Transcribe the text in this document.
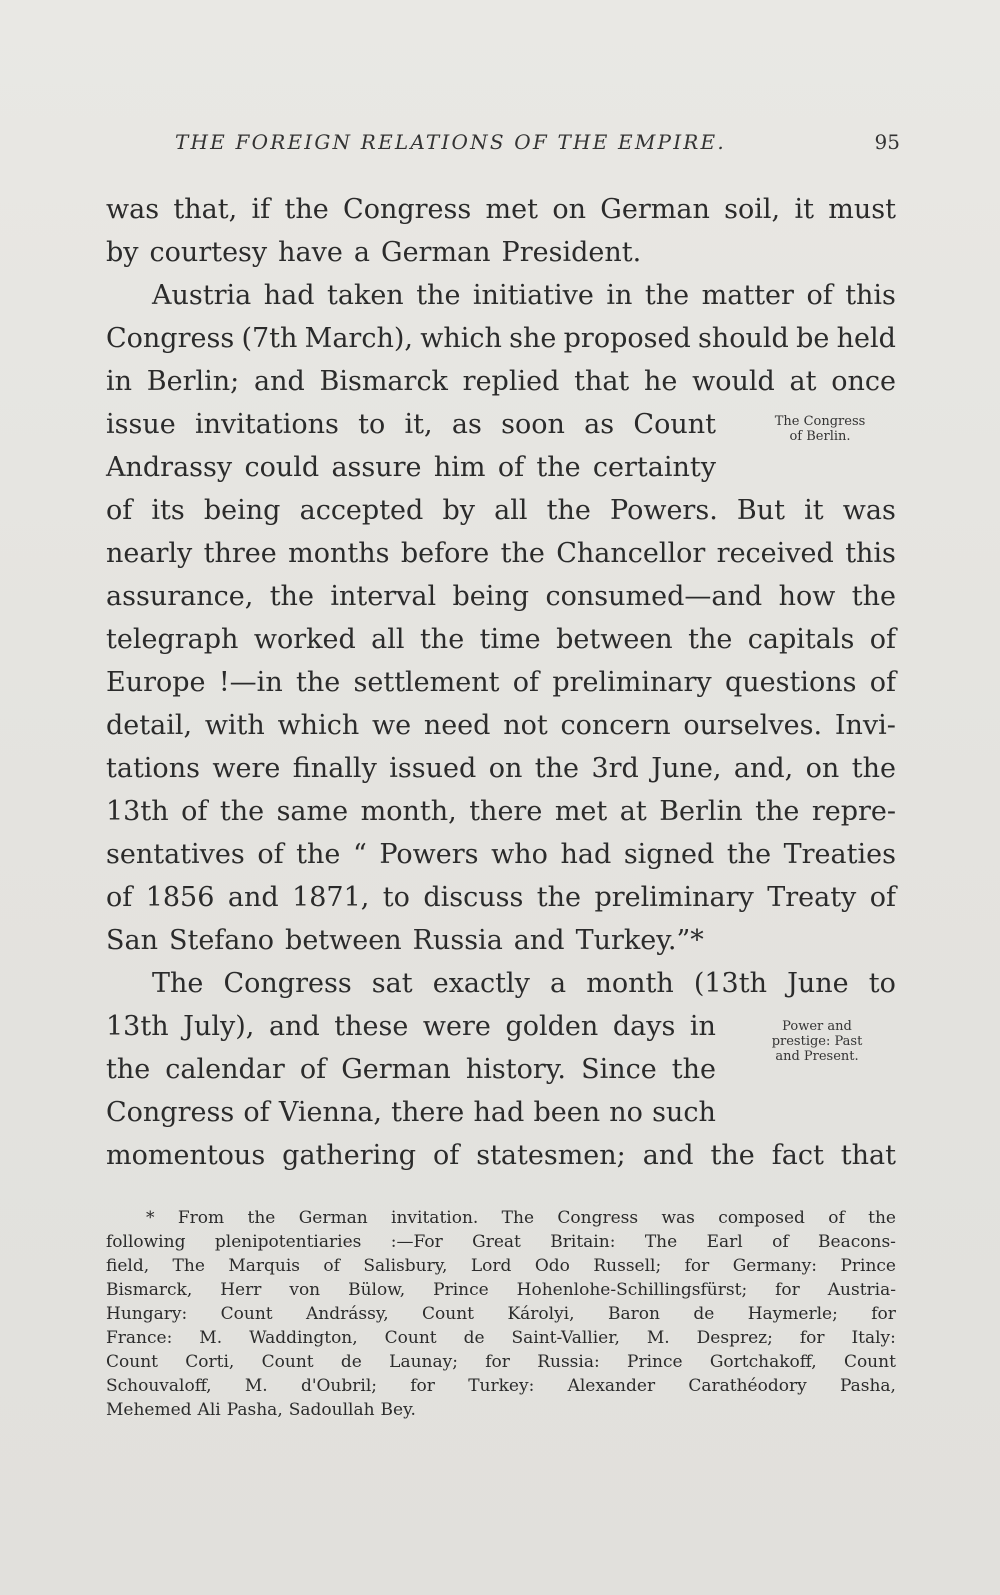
THE FOREIGN RELATIONS OF THE EMPIRE.	95
was that, if the Congress met on German soil, it must
by courtesy have a German President.
Austria had taken the initiative in the matter of this
Congress (7th March), which she proposed should be held
in Berlin; and Bismarck replied that he would at once
issue invitations to it, as soon as Count
Andrassy could assure him of the certainty
of its being accepted by all the Powers. But it was
nearly three months before the Chancellor received this
assurance, the interval being consumed—and how the
telegraph worked all the time between the capitals of
Europe !—in the settlement of preliminary questions of
detail, with which we need not concern ourselves. Invi-
tations were finally issued on the 3rd June, and, on the
13th of the same month, there met at Berlin the repre-
sentatives of the “ Powers who had signed the Treaties
of 1856 and 1871, to discuss the preliminary Treaty of
San Stefano between Russia and Turkey.”*
The Congress sat exactly a month (13th June to
13th July), and these were golden days in
the calendar of German history. Since the
Congress of Vienna, there had been no such
momentous gathering of statesmen; and the fact that
The Congress
of Berlin.
Power and
prestige: Past
and Present.
* From the German invitation. The Congress was composed of the
following plenipotentiaries :—For Great Britain: The Earl of Beacons-
field, The Marquis of Salisbury, Lord Odo Russell; for Germany: Prince
Bismarck, Herr von Bülow, Prince Hohenlohe-Schillingsfürst; for Austria-
Hungary: Count Andrássy, Count Károlyi, Baron de Haymerle; for
France: M. Waddington, Count de Saint-Vallier, M. Desprez; for Italy:
Count Corti, Count de Launay; for Russia: Prince Gortchakoff, Count
Schouvaloff, M. d'Oubril; for Turkey: Alexander Carathéodory Pasha,
Mehemed Ali Pasha, Sadoullah Bey.
